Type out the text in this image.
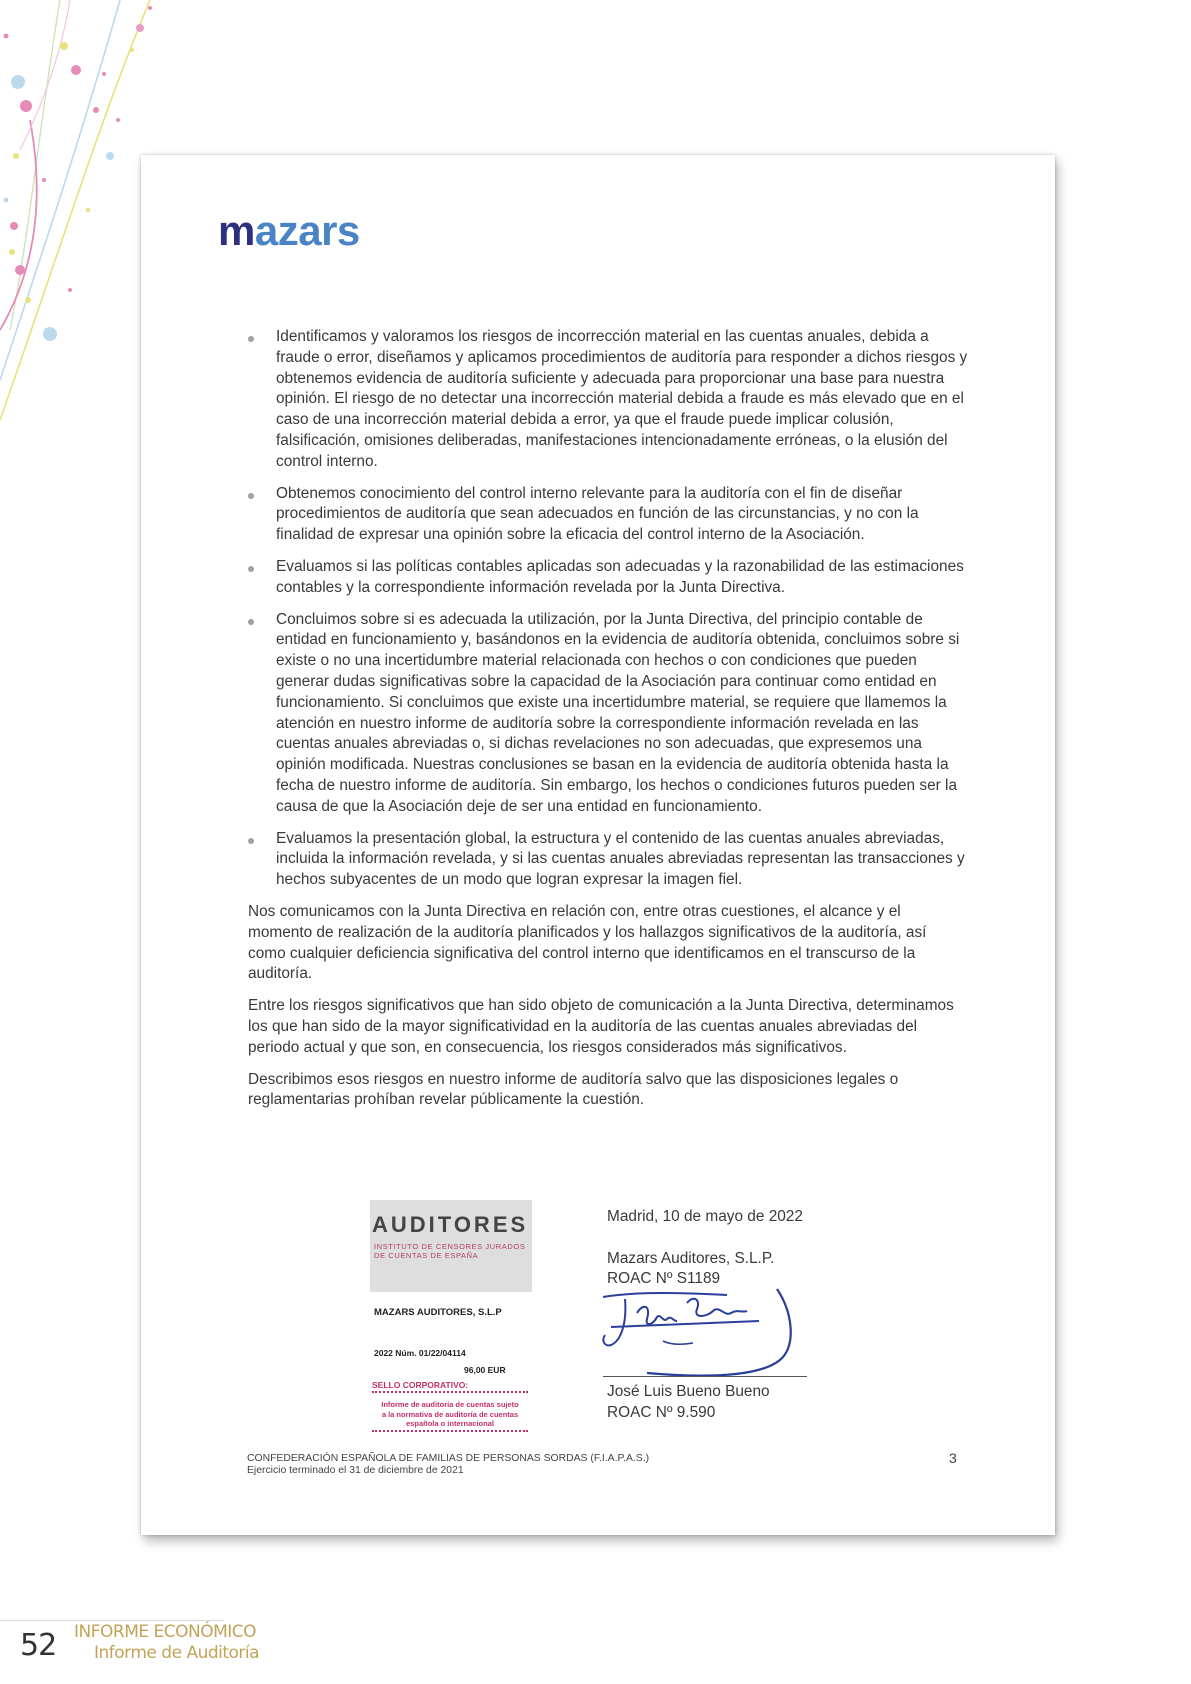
mazars
Identificamos y valoramos los riesgos de incorrección material en las cuentas anuales, debida a fraude o error, diseñamos y aplicamos procedimientos de auditoría para responder a dichos riesgos y obtenemos evidencia de auditoría suficiente y adecuada para proporcionar una base para nuestra opinión. El riesgo de no detectar una incorrección material debida a fraude es más elevado que en el caso de una incorrección material debida a error, ya que el fraude puede implicar colusión, falsificación, omisiones deliberadas, manifestaciones intencionadamente erróneas, o la elusión del control interno.
Obtenemos conocimiento del control interno relevante para la auditoría con el fin de diseñar procedimientos de auditoría que sean adecuados en función de las circunstancias, y no con la finalidad de expresar una opinión sobre la eficacia del control interno de la Asociación.
Evaluamos si las políticas contables aplicadas son adecuadas y la razonabilidad de las estimaciones contables y la correspondiente información revelada por la Junta Directiva.
Concluimos sobre si es adecuada la utilización, por la Junta Directiva, del principio contable de entidad en funcionamiento y, basándonos en la evidencia de auditoría obtenida, concluimos sobre si existe o no una incertidumbre material relacionada con hechos o con condiciones que pueden generar dudas significativas sobre la capacidad de la Asociación para continuar como entidad en funcionamiento. Si concluimos que existe una incertidumbre material, se requiere que llamemos la atención en nuestro informe de auditoría sobre la correspondiente información revelada en las cuentas anuales abreviadas o, si dichas revelaciones no son adecuadas, que expresemos una opinión modificada. Nuestras conclusiones se basan en la evidencia de auditoría obtenida hasta la fecha de nuestro informe de auditoría. Sin embargo, los hechos o condiciones futuros pueden ser la causa de que la Asociación deje de ser una entidad en funcionamiento.
Evaluamos la presentación global, la estructura y el contenido de las cuentas anuales abreviadas, incluida la información revelada, y si las cuentas anuales abreviadas representan las transacciones y hechos subyacentes de un modo que logran expresar la imagen fiel.

Nos comunicamos con la Junta Directiva en relación con, entre otras cuestiones, el alcance y el momento de realización de la auditoría planificados y los hallazgos significativos de la auditoría, así como cualquier deficiencia significativa del control interno que identificamos en el transcurso de la auditoría.

Entre los riesgos significativos que han sido objeto de comunicación a la Junta Directiva, determinamos los que han sido de la mayor significatividad en la auditoría de las cuentas anuales abreviadas del periodo actual y que son, en consecuencia, los riesgos considerados más significativos.

Describimos esos riesgos en nuestro informe de auditoría salvo que las disposiciones legales o reglamentarias prohíban revelar públicamente la cuestión.

AUDITORES
INSTITUTO DE CENSORES JURADOS
DE CUENTAS DE ESPAÑA
MAZARS AUDITORES, S.L.P
2022 Núm. 01/22/04114
96,00 EUR
SELLO CORPORATIVO:
Informe de auditoría de cuentas sujeto
a la normativa de auditoría de cuentas
española o internacional
Madrid, 10 de mayo de 2022
Mazars Auditores, S.L.P.
ROAC Nº S1189
José Luis Bueno Bueno
ROAC Nº 9.590
CONFEDERACIÓN ESPAÑOLA DE FAMILIAS DE PERSONAS SORDAS (F.I.A.P.A.S.)
Ejercicio terminado el 31 de diciembre de 2021
3
52 INFORME ECONÓMICO
Informe de Auditoría
